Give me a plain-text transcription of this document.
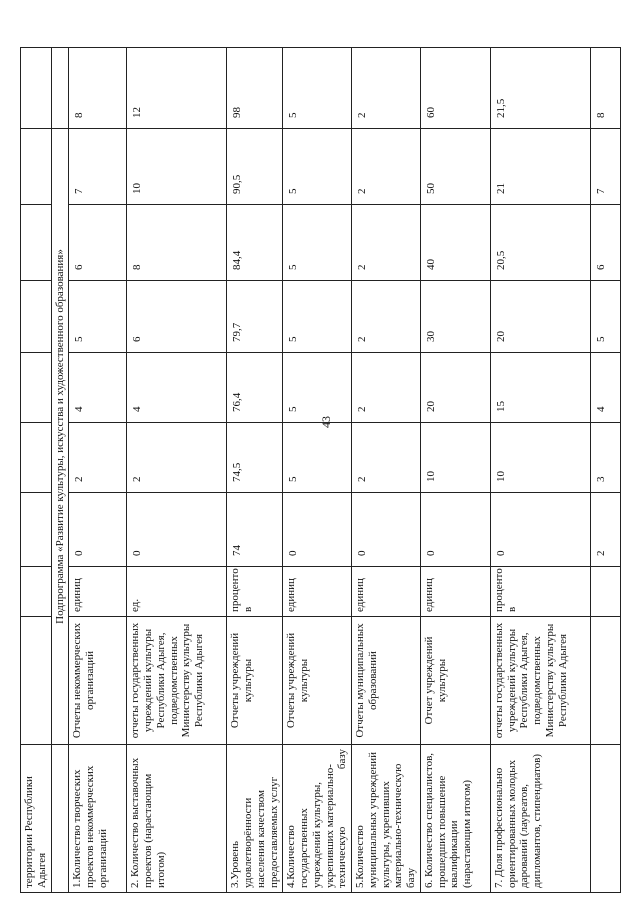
43
территории Республики Адыгея									
	Подпрограмма «Развитие культуры, искусства и художественного образования»								
1.Количество творческих проектов некоммерческих организаций	Отчеты некоммерческих организаций	единиц	0	2	4	5	6	7	8
2. Количество выставочных проектов (нарастающим итогом)	отчеты государственных учреждений культуры Республики Адыгея, подведомственных Министерству культуры Республики Адыгея	ед.	0	2	4	6	8	10	12
3.Уровень удовлетворённости населения качеством предоставляемых услуг	Отчеты учреждений культуры	проценто в	74	74,5	76,4	79,7	84,4	90,5	98
4.Количество государственных учреждений культуры, укрепивших материально-техническую базу	Отчеты учреждений культуры	единиц	0	5	5	5	5	5	5
5.Количество муниципальных учреждений культуры, укрепивших материально-техническую базу	Отчеты муниципальных образований	единиц	0	2	2	2	2	2	2
6. Количество специалистов, прошедших повышение квалификации (нарастающим итогом)	Отчет учреждений культуры	единиц	0	10	20	30	40	50	60
7. Доля профессионально ориентированных молодых дарований (лауреатов, дипломантов, стипендиатов)	отчеты государственных учреждений культуры Республики Адыгея, подведомственных Министерству культуры Республики Адыгея	проценто в	0	10	15	20	20,5	21	21,5
			2	3	4	5	6	7	8
